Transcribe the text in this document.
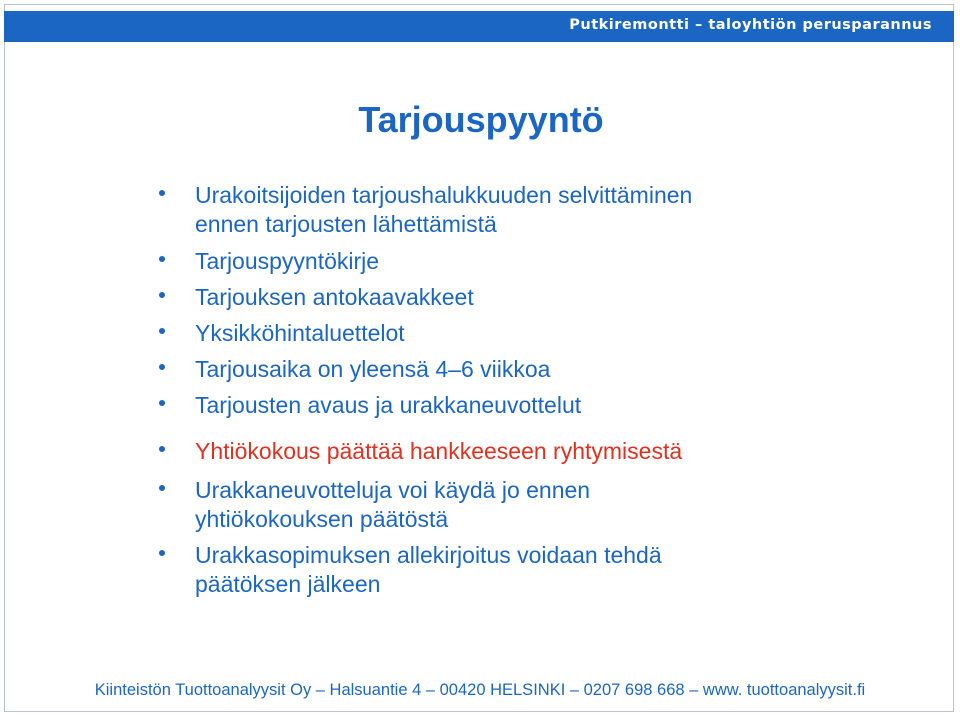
Putkiremontti – taloyhtiön perusparannus
Tarjouspyyntö
Urakoitsijoiden tarjoushalukkuuden selvittäminen
ennen tarjousten lähettämistä
Tarjouspyyntökirje
Tarjouksen antokaavakkeet
Yksikköhintaluettelot
Tarjousaika on yleensä 4–6 viikkoa
Tarjousten avaus ja urakkaneuvottelut
Yhtiökokous päättää hankkeeseen ryhtymisestä
Urakkaneuvotteluja voi käydä jo ennen
yhtiökokouksen päätöstä
Urakkasopimuksen allekirjoitus voidaan tehdä
päätöksen jälkeen
Kiinteistön Tuottoanalyysit Oy – Halsuantie 4 – 00420 HELSINKI – 0207 698 668 – www. tuottoanalyysit.fi
